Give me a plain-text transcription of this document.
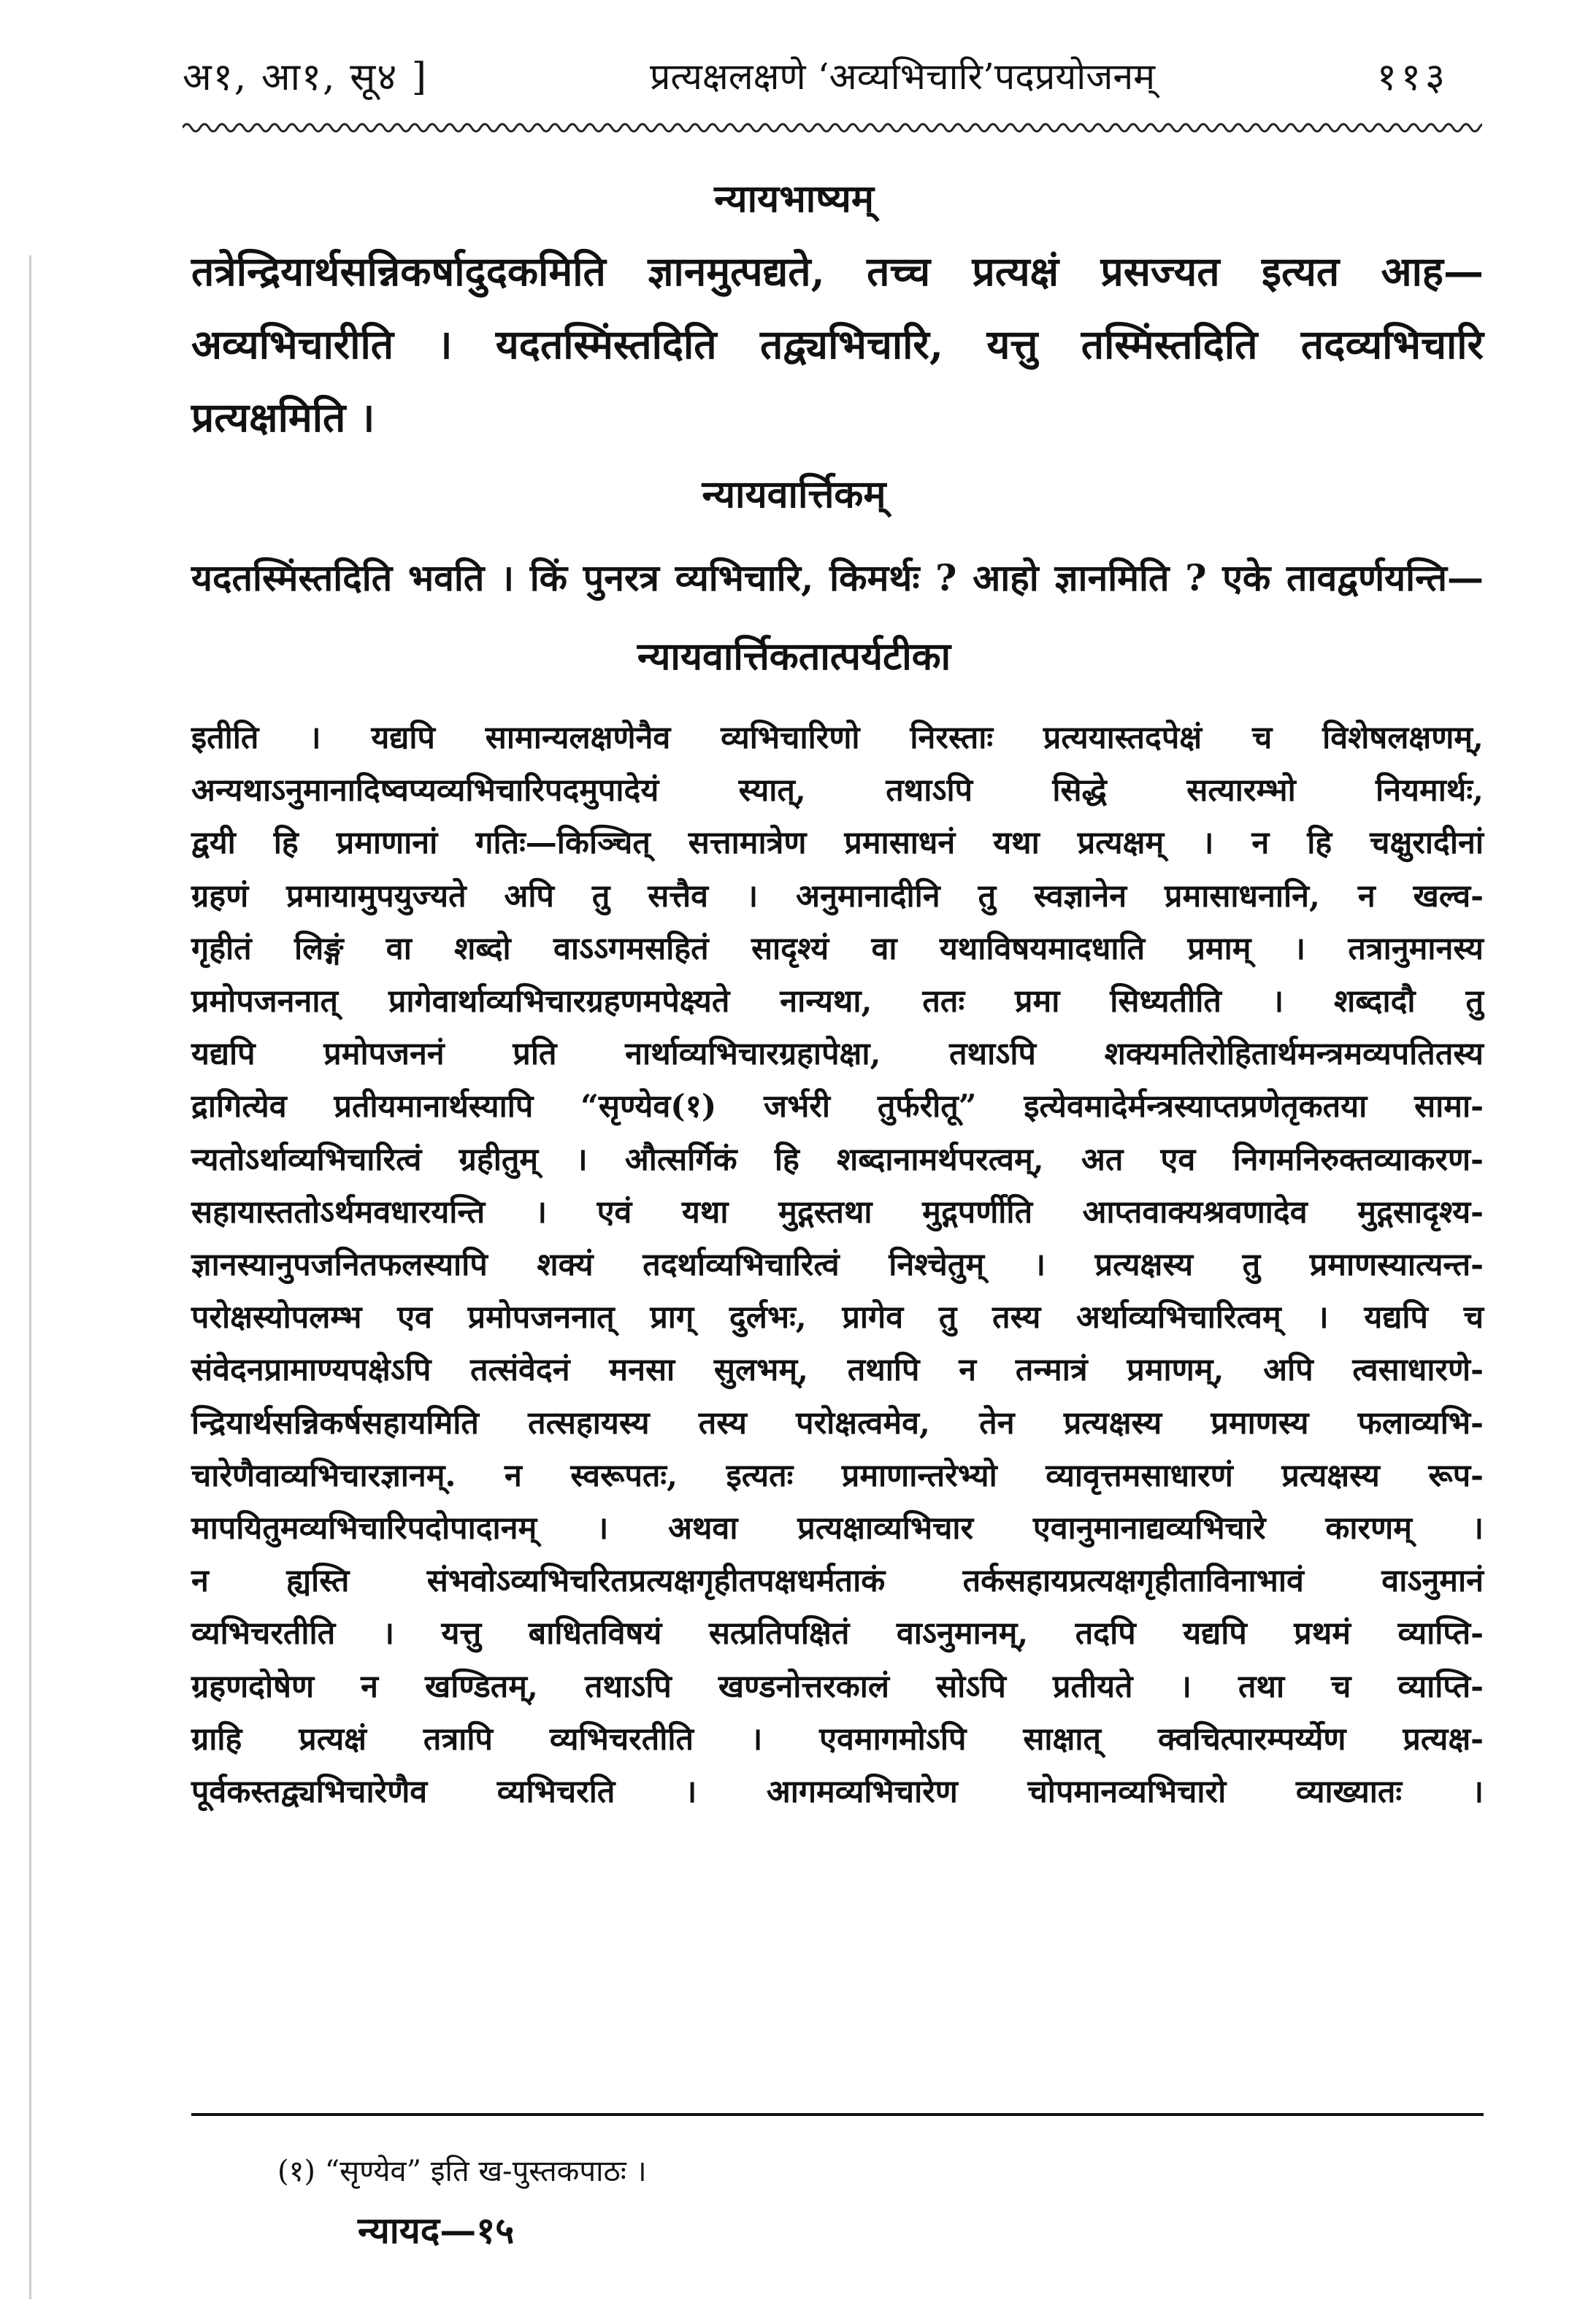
अ१, आ१, सू४ ]	प्रत्यक्षलक्षणे ‘अव्यभिचारि’पदप्रयोजनम्	११३
न्यायभाष्यम्

तत्रेन्द्रियार्थसन्निकर्षादुदकमिति ज्ञानमुत्पद्यते, तच्च प्रत्यक्षं प्रसज्यत इत्यत आह—

अव्यभिचारीति । यदतस्मिंस्तदिति तद्व्यभिचारि, यत्तु तस्मिंस्तदिति तदव्यभिचारि

प्रत्यक्षमिति ।

न्यायवार्त्तिकम्

यदतस्मिंस्तदिति भवति । किं पुनरत्र व्यभिचारि, किमर्थः ? आहो ज्ञानमिति ? एके तावद्वर्णयन्ति—

न्यायवार्त्तिकतात्पर्यटीका

इतीति । यद्यपि सामान्यलक्षणेनैव व्यभिचारिणो निरस्ताः प्रत्ययास्तदपेक्षं च विशेषलक्षणम्,

अन्यथाऽनुमानादिष्वप्यव्यभिचारिपदमुपादेयं स्यात्, तथाऽपि सिद्धे सत्यारम्भो नियमार्थः,

द्वयी हि प्रमाणानां गतिः—किञ्चित् सत्तामात्रेण प्रमासाधनं यथा प्रत्यक्षम् । न हि चक्षुरादीनां

ग्रहणं प्रमायामुपयुज्यते अपि तु सत्तैव । अनुमानादीनि तु स्वज्ञानेन प्रमासाधनानि, न खल्व-

गृहीतं लिङ्गं वा शब्दो वाऽऽगमसहितं सादृश्यं वा यथाविषयमादधाति प्रमाम् । तत्रानुमानस्य

प्रमोपजननात् प्रागेवार्थाव्यभिचारग्रहणमपेक्ष्यते नान्यथा, ततः प्रमा सिध्यतीति । शब्दादौ तु

यद्यपि प्रमोपजननं प्रति नार्थाव्यभिचारग्रहापेक्षा, तथाऽपि शक्यमतिरोहितार्थमन्त्रमव्यपतितस्य

द्रागित्येव प्रतीयमानार्थस्यापि “सृण्येव(१) जर्भरी तुर्फरीतू” इत्येवमादेर्मन्त्रस्याप्तप्रणेतृकतया सामा-

न्यतोऽर्थाव्यभिचारित्वं ग्रहीतुम् । औत्सर्गिकं हि शब्दानामर्थपरत्वम्, अत एव निगमनिरुक्तव्याकरण-

सहायास्ततोऽर्थमवधारयन्ति । एवं यथा मुद्गस्तथा मुद्गपर्णीति आप्तवाक्यश्रवणादेव मुद्गसादृश्य-

ज्ञानस्यानुपजनितफलस्यापि शक्यं तदर्थाव्यभिचारित्वं निश्चेतुम् । प्रत्यक्षस्य तु प्रमाणस्यात्यन्त-

परोक्षस्योपलम्भ एव प्रमोपजननात् प्राग् दुर्लभः, प्रागेव तु तस्य अर्थाव्यभिचारित्वम् । यद्यपि च

संवेदनप्रामाण्यपक्षेऽपि तत्संवेदनं मनसा सुलभम्, तथापि न तन्मात्रं प्रमाणम्, अपि त्वसाधारणे-

न्द्रियार्थसन्निकर्षसहायमिति तत्सहायस्य तस्य परोक्षत्वमेव, तेन प्रत्यक्षस्य प्रमाणस्य फलाव्यभि-

चारेणैवाव्यभिचारज्ञानम्. न स्वरूपतः, इत्यतः प्रमाणान्तरेभ्यो व्यावृत्तमसाधारणं प्रत्यक्षस्य रूप-

मापयितुमव्यभिचारिपदोपादानम् । अथवा प्रत्यक्षाव्यभिचार एवानुमानाद्यव्यभिचारे कारणम् ।

न ह्यस्ति संभवोऽव्यभिचरितप्रत्यक्षगृहीतपक्षधर्मताकं तर्कसहायप्रत्यक्षगृहीताविनाभावं वाऽनुमानं

व्यभिचरतीति । यत्तु बाधितविषयं सत्प्रतिपक्षितं वाऽनुमानम्, तदपि यद्यपि प्रथमं व्याप्ति-

ग्रहणदोषेण न खण्डितम्, तथाऽपि खण्डनोत्तरकालं सोऽपि प्रतीयते । तथा च व्याप्ति-

ग्राहि प्रत्यक्षं तत्रापि व्यभिचरतीति । एवमागमोऽपि साक्षात् क्वचित्पारम्पर्य्येण प्रत्यक्ष-

पूर्वकस्तद्व्यभिचारेणैव व्यभिचरति । आगमव्यभिचारेण चोपमानव्यभिचारो व्याख्यातः ।

(१) “सृण्येव” इति ख-पुस्तकपाठः ।
न्यायद—१५
